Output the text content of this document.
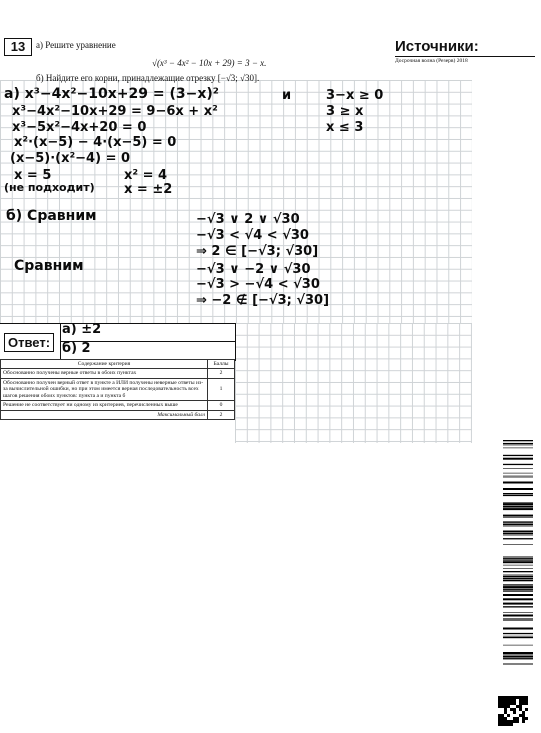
13	а) Решите уравнение
√(x³ − 4x² − 10x + 29) = 3 − x.
б) Найдите его корни, принадлежащие отрезку [−√3; √30].
Источники:
Досрочная волна (Резерв) 2018
а) x³−4x²−10x+29 = (3−x)²
x³−4x²−10x+29 = 9−6x + x²
x³−5x²−4x+20 = 0
x²·(x−5) − 4·(x−5) = 0
(x−5)·(x²−4) = 0
и	3−x ≥ 0
3 ≥ x
x ≤ 3
x = 5
(не подходит)
x² = 4
x = ±2
б) Сравним
Сравним
−√3 ∨ 2 ∨ √30
−√3 < √4 < √30
⇒ 2 ∈ [−√3; √30]
−√3 ∨ −2 ∨ √30
−√3 > −√4 < √30
⇒ −2 ∉ [−√3; √30]
Ответ:
а) ±2
б) 2
Содержание критерия	Баллы
Обоснованно получены верные ответы в обоих пунктах	2
Обоснованно получен верный ответ в пункте а ИЛИ получены неверные ответы из-за вычислительной ошибки, но при этом имеется верная последовательность всех шагов решения обоих пунктов: пункта а и пункта б	1
Решение не соответствует ни одному из критериев, перечисленных выше	0
Максимальный балл	2
